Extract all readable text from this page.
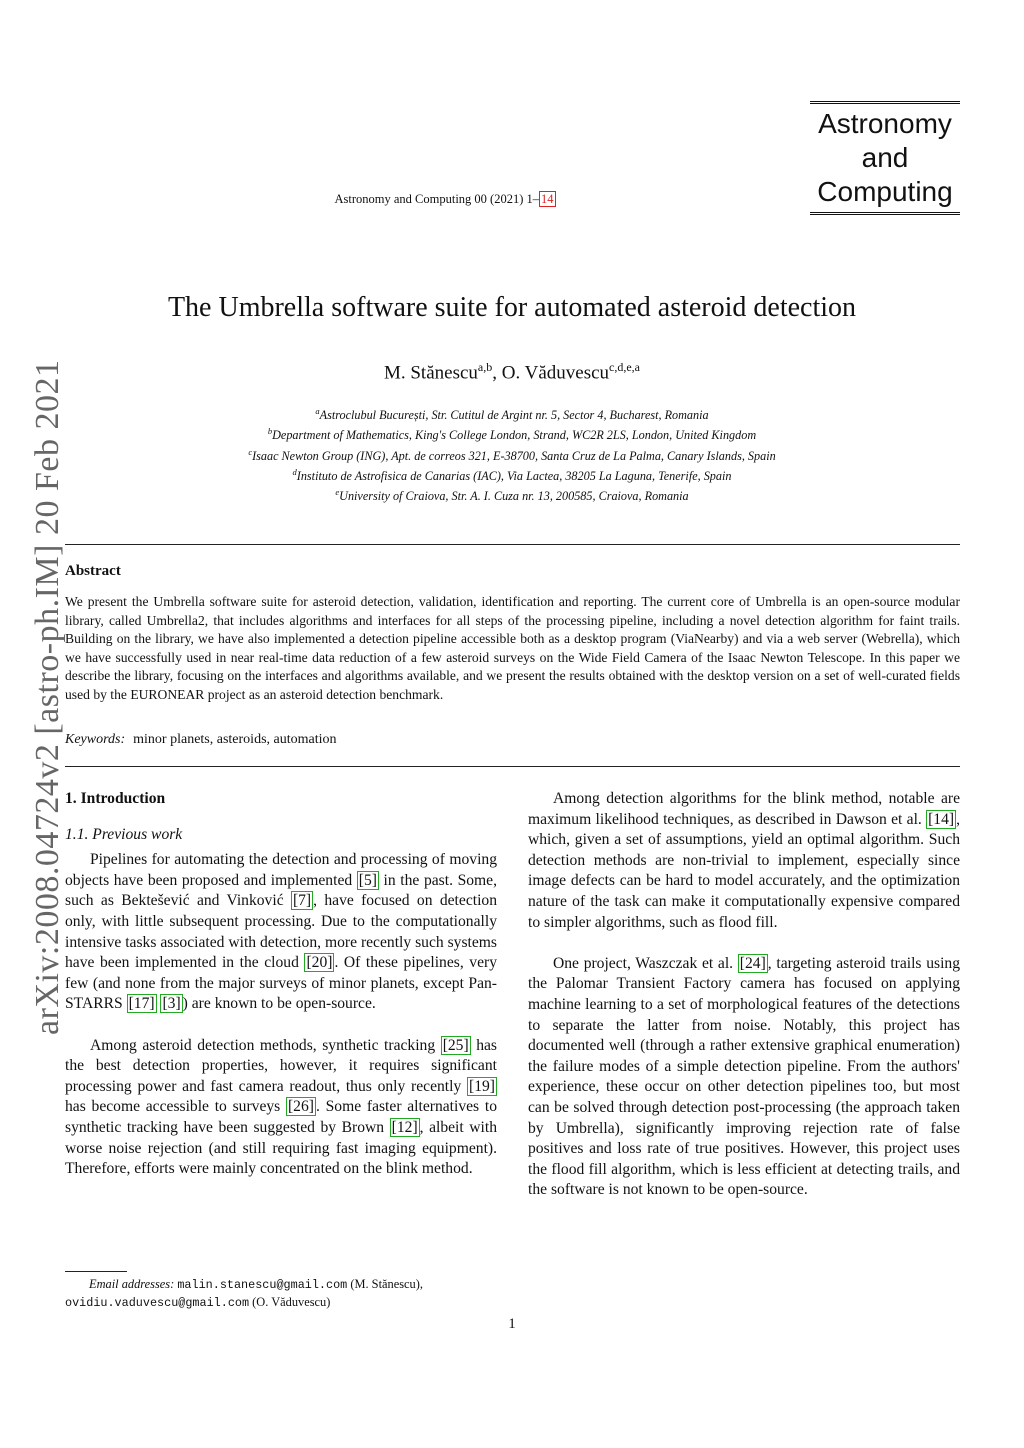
arXiv:2008.04724v2 [astro-ph.IM] 20 Feb 2021
Astronomy and Computing 00 (2021) 1– 14
Astronomy
and
Computing
The Umbrella software suite for automated asteroid detection
M. Stănescu$^{a,b}$, O. Văduvescu$^{c,d,e,a}$
$^a$Astroclubul București, Str. Cutitul de Argint nr. 5, Sector 4, Bucharest, Romania
$^b$Department of Mathematics, King's College London, Strand, WC2R 2LS, London, United Kingdom
$^c$Isaac Newton Group (ING), Apt. de correos 321, E-38700, Santa Cruz de La Palma, Canary Islands, Spain
$^d$Instituto de Astrofisica de Canarias (IAC), Via Lactea, 38205 La Laguna, Tenerife, Spain
$^e$University of Craiova, Str. A. I. Cuza nr. 13, 200585, Craiova, Romania
Abstract
We present the Umbrella software suite for asteroid detection, validation, identification and reporting. The current core of Umbrella is an open-source modular library, called Umbrella2, that includes algorithms and interfaces for all steps of the processing pipeline, including a novel detection algorithm for faint trails. Building on the library, we have also implemented a detection pipeline accessible both as a desktop program (ViaNearby) and via a web server (Webrella), which we have successfully used in near real-time data reduction of a few asteroid surveys on the Wide Field Camera of the Isaac Newton Telescope. In this paper we describe the library, focusing on the interfaces and algorithms available, and we present the results obtained with the desktop version on a set of well-curated fields used by the EURONEAR project as an asteroid detection benchmark.
Keywords: minor planets, asteroids, automation
1. Introduction
1.1. Previous work

Pipelines for automating the detection and processing of moving objects have been proposed and implemented [5] in the past. Some, such as Bektešević and Vinković [7] , have focused on detection only, with little subsequent processing. Due to the computationally intensive tasks associated with detection, more recently such systems have been implemented in the cloud [20] . Of these pipelines, very few (and none from the major surveys of minor planets, except Pan-STARRS [17] [3] ) are known to be open-source.

Among asteroid detection methods, synthetic tracking [25] has the best detection properties, however, it requires significant processing power and fast camera readout, thus only recently [19] has become accessible to surveys [26] . Some faster alternatives to synthetic tracking have been suggested by Brown [12] , albeit with worse noise rejection (and still requiring fast imaging equipment). Therefore, efforts were mainly concentrated on the blink method.

Among detection algorithms for the blink method, notable are maximum likelihood techniques, as described in Dawson et al. [14] , which, given a set of assumptions, yield an optimal algorithm. Such detection methods are non-trivial to implement, especially since image defects can be hard to model accurately, and the optimization nature of the task can make it computationally expensive compared to simpler algorithms, such as flood fill.

One project, Waszczak et al. [24] , targeting asteroid trails using the Palomar Transient Factory camera has focused on applying machine learning to a set of morphological features of the detections to separate the latter from noise. Notably, this project has documented well (through a rather extensive graphical enumeration) the failure modes of a simple detection pipeline. From the authors' experience, these occur on other detection pipelines too, but most can be solved through detection post-processing (the approach taken by Umbrella), significantly improving rejection rate of false positives and loss rate of true positives. However, this project uses the flood fill algorithm, which is less efficient at detecting trails, and the software is not known to be open-source.

Email addresses: malin.stanescu@gmail.com (M. Stănescu),
ovidiu.vaduvescu@gmail.com (O. Văduvescu)
1
